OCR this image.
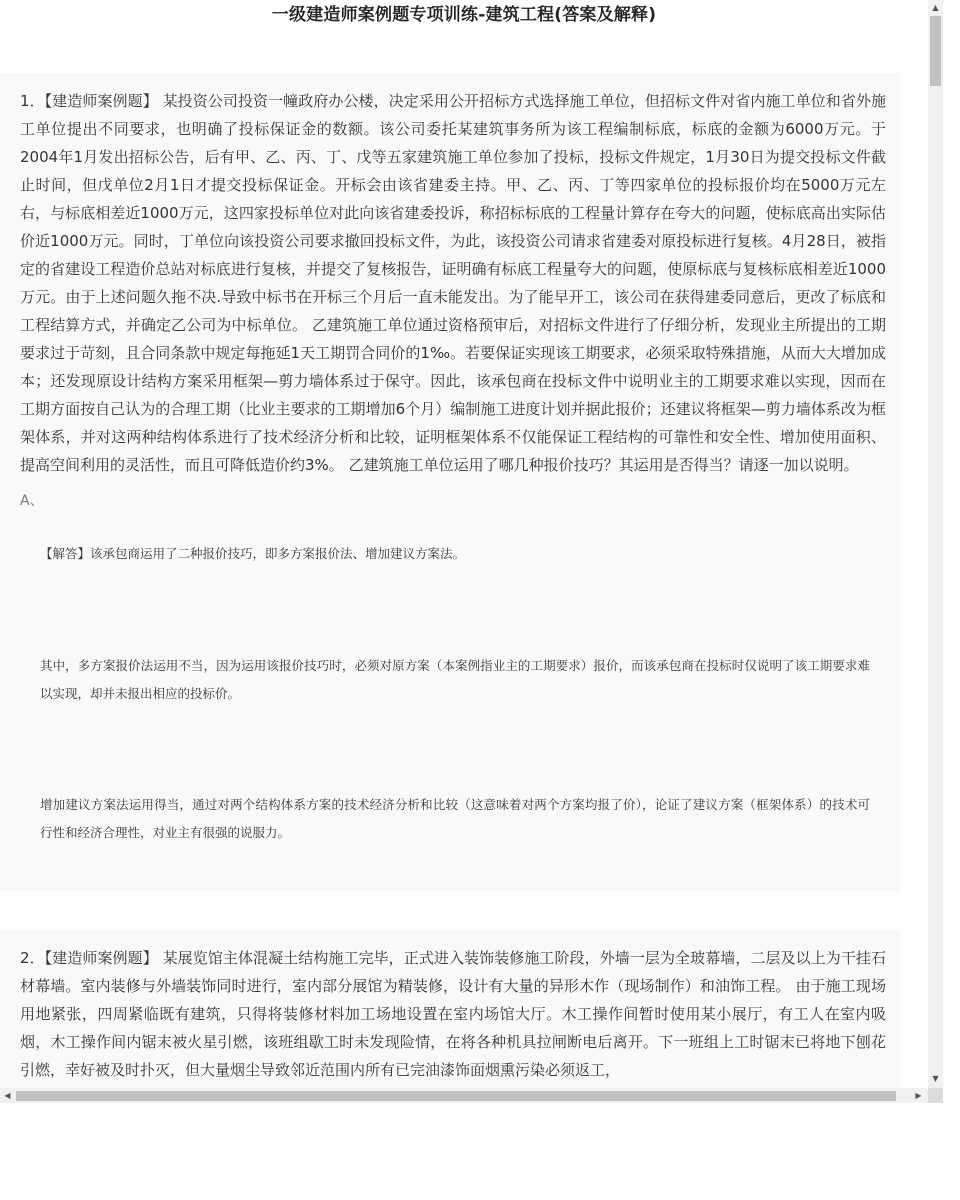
一级建造师案例题专项训练-建筑工程(答案及解释)

1．【建造师案例题】 某投资公司投资一幢政府办公楼，决定采用公开招标方式选择施工单位，但招标文件对省内施工单位和省外施工单位提出不同要求，也明确了投标保证金的数额。该公司委托某建筑事务所为该工程编制标底，标底的金额为6000万元。于2004年1月发出招标公告，后有甲、乙、丙、丁、戊等五家建筑施工单位参加了投标，投标文件规定，1月30日为提交投标文件截止时间，但戊单位2月1日才提交投标保证金。开标会由该省建委主持。甲、乙、丙、丁等四家单位的投标报价均在5000万元左右，与标底相差近1000万元，这四家投标单位对此向该省建委投诉，称招标标底的工程量计算存在夸大的问题，使标底高出实际估价近1000万元。同时，丁单位向该投资公司要求撤回投标文件，为此，该投资公司请求省建委对原投标进行复核。4月28日，被指定的省建设工程造价总站对标底进行复核，并提交了复核报告，证明确有标底工程量夸大的问题，使原标底与复核标底相差近1000万元。由于上述问题久拖不决.导致中标书在开标三个月后一直未能发出。为了能早开工，该公司在获得建委同意后，更改了标底和工程结算方式，并确定乙公司为中标单位。 乙建筑施工单位通过资格预审后，对招标文件进行了仔细分析，发现业主所提出的工期要求过于苛刻，且合同条款中规定每拖延1天工期罚合同价的1‰。若要保证实现该工期要求，必须采取特殊措施，从而大大增加成本；还发现原设计结构方案采用框架—剪力墙体系过于保守。因此，该承包商在投标文件中说明业主的工期要求难以实现，因而在工期方面按自己认为的合理工期（比业主要求的工期增加6个月）编制施工进度计划并据此报价；还建议将框架—剪力墙体系改为框架体系，并对这两种结构体系进行了技术经济分析和比较，证明框架体系不仅能保证工程结构的可靠性和安全性、增加使用面积、提高空间利用的灵活性，而且可降低造价约3%。 乙建筑施工单位运用了哪几种报价技巧？其运用是否得当？请逐一加以说明。

A、

【解答】该承包商运用了二种报价技巧，即多方案报价法、增加建议方案法。

其中，多方案报价法运用不当，因为运用该报价技巧时，必须对原方案（本案例指业主的工期要求）报价，而该承包商在投标时仅说明了该工期要求难以实现，却并未报出相应的投标价。

增加建议方案法运用得当，通过对两个结构体系方案的技术经济分析和比较（这意味着对两个方案均报了价），论证了建议方案（框架体系）的技术可行性和经济合理性，对业主有很强的说服力。

2．【建造师案例题】 某展览馆主体混凝土结构施工完毕，正式进入装饰装修施工阶段，外墙一层为全玻幕墙，二层及以上为干挂石材幕墙。室内装修与外墙装饰同时进行，室内部分展馆为精装修，设计有大量的异形木作（现场制作）和油饰工程。 由于施工现场用地紧张，四周紧临既有建筑，只得将装修材料加工场地设置在室内场馆大厅。木工操作间暂时使用某小展厅，有工人在室内吸烟，木工操作间内锯末被火星引燃，该班组歇工时未发现险情，在将各种机具拉闸断电后离开。下一班组上工时锯末已将地下刨花引燃，幸好被及时扑灭，但大量烟尘导致邻近范围内所有已完油漆饰面烟熏污染必须返工，

▲
▼
◀	▶
